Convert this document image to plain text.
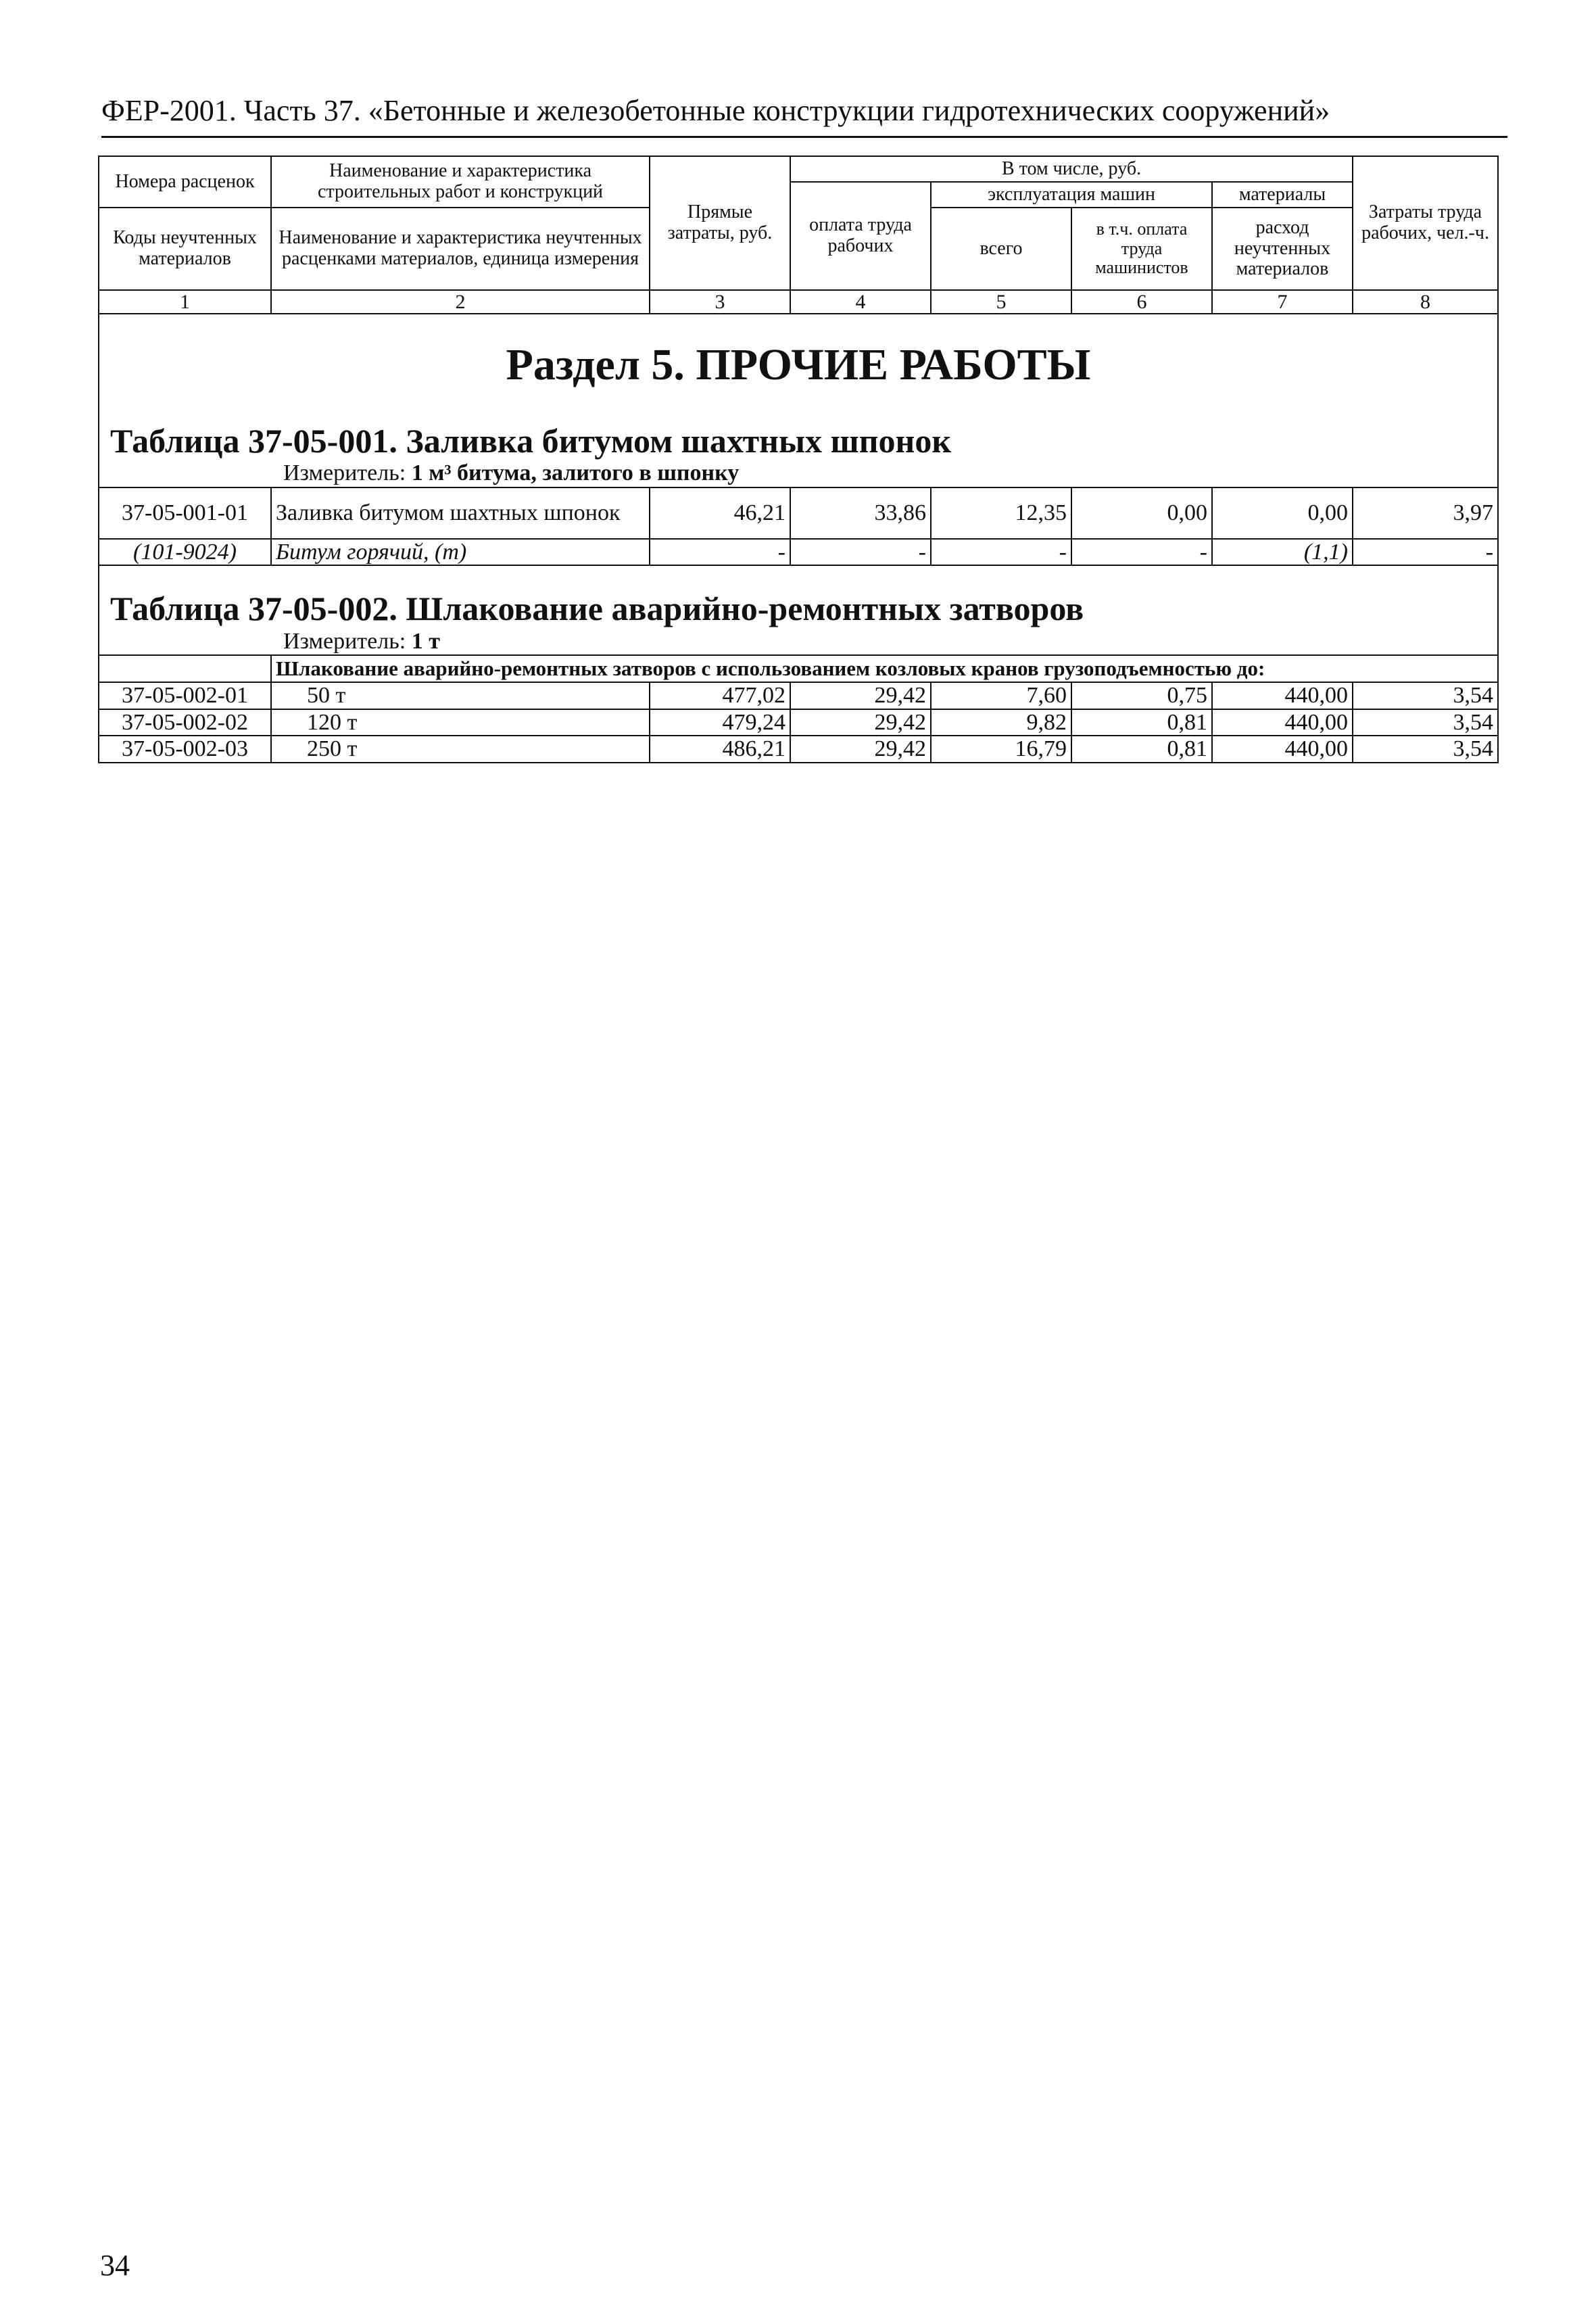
ФЕР-2001. Часть 37. «Бетонные и железобетонные конструкции гидротехнических сооружений»
Номера расценок	Наименование и характеристика строительных работ и конструкций	Прямые затраты, руб.	В том числе, руб.				Затраты труда рабочих, чел.-ч.
			оплата труда рабочих	эксплуатация машин		материалы	
Коды неучтенных материалов	Наименование и характеристика неучтенных расценками материалов, единица измерения			всего	в т.ч. оплата труда машинистов	расход неучтенных материалов	

1	2	3	4	5	6	7	8
Раздел 5. ПРОЧИЕ РАБОТЫ							
Таблица 37-05-001. Заливка битумом шахтных шпонок							
Измеритель: 1 м³ битума, залитого в шпонку							
37-05-001-01	Заливка битумом шахтных шпонок	46,21	33,86	12,35	0,00	0,00	3,97
(101-9024)	Битум горячий, (т)	-	-	-	-	(1,1)	-

Таблица 37-05-002. Шлакование аварийно-ремонтных затворов							
Измеритель: 1 т							
	Шлакование аварийно-ремонтных затворов с использованием козловых кранов грузоподъемностью до:						
37-05-002-01	50 т	477,02	29,42	7,60	0,75	440,00	3,54
37-05-002-02	120 т	479,24	29,42	9,82	0,81	440,00	3,54
37-05-002-03	250 т	486,21	29,42	16,79	0,81	440,00	3,54
34
